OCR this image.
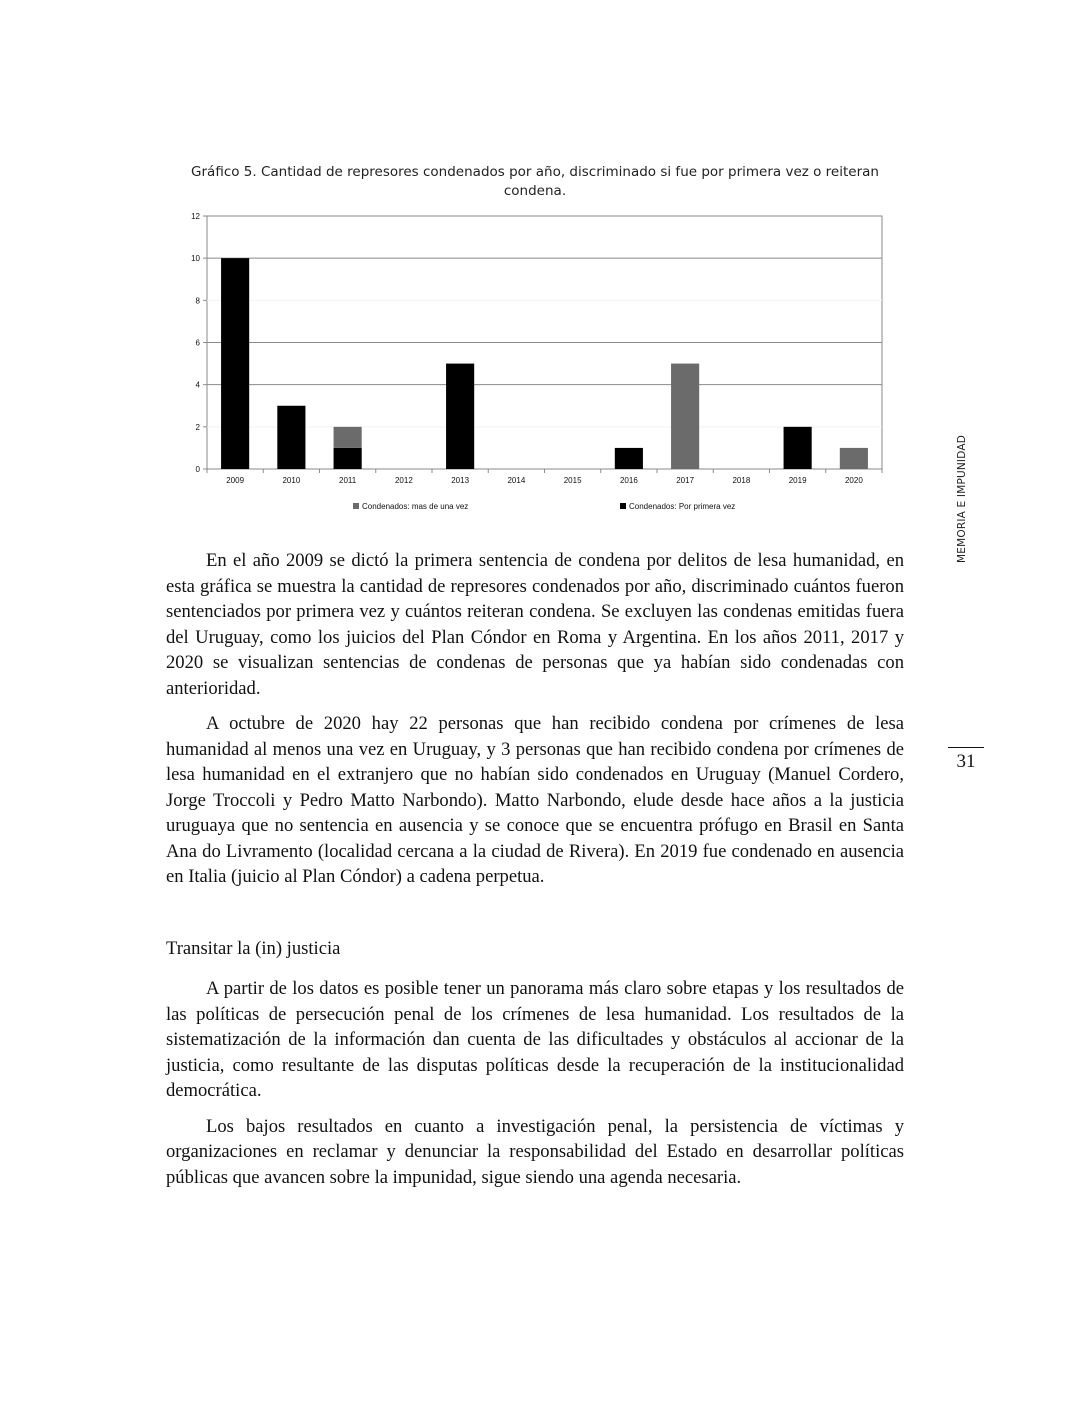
Gráfico 5. Cantidad de represores condenados por año, discriminado si fue por primera vez o reiteran condena.
0
2
4
6
8
10
12
2009	2010	2011	2012	2013	2014	2015	2016	2017	2018	2019	2020
Condenados: mas de una vez	Condenados: Por primera vez

En el año 2009 se dictó la primera sentencia de condena por delitos de lesa humanidad, en esta gráfica se muestra la cantidad de represores condenados por año, discriminado cuántos fueron sentenciados por primera vez y cuántos reiteran condena. Se excluyen las condenas emitidas fuera del Uruguay, como los juicios del Plan Cóndor en Roma y Argentina. En los años 2011, 2017 y 2020 se visualizan sentencias de condenas de personas que ya habían sido condenadas con anterioridad.

A octubre de 2020 hay 22 personas que han recibido condena por crímenes de lesa humanidad al menos una vez en Uruguay, y 3 personas que han recibido condena por crímenes de lesa humanidad en el extranjero que no habían sido condenados en Uruguay (Manuel Cordero, Jorge Troccoli y Pedro Matto Narbondo). Matto Narbondo, elude desde hace años a la justicia uruguaya que no sentencia en ausencia y se conoce que se encuentra prófugo en Brasil en Santa Ana do Livramento (localidad cercana a la ciudad de Rivera). En 2019 fue condenado en ausencia en Italia (juicio al Plan Cóndor) a cadena perpetua.

Transitar la (in) justicia

A partir de los datos es posible tener un panorama más claro sobre etapas y los resultados de las políticas de persecución penal de los crímenes de lesa humanidad. Los resultados de la sistematización de la información dan cuenta de las dificultades y obstáculos al accionar de la justicia, como resultante de las disputas políticas desde la recuperación de la institucionalidad democrática.

Los bajos resultados en cuanto a investigación penal, la persistencia de víctimas y organizaciones en reclamar y denunciar la responsabilidad del Estado en desarrollar políticas públicas que avancen sobre la impunidad, sigue siendo una agenda necesaria.

MEMORIA E IMPUNIDAD
31
